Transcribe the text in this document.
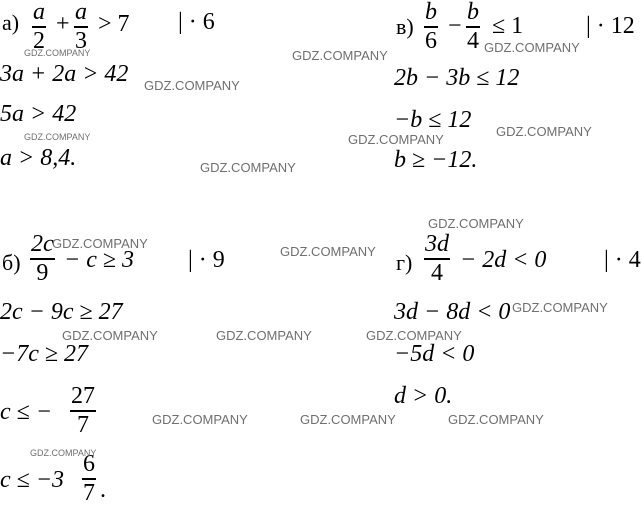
а) a
2
+ a
3
> 7 | · 6
3a + 2a > 42
5a > 42
a > 8,4.
в)
b
6
−
b
4
≤ 1	| · 12
2b − 3b ≤ 12
−b ≤ 12
b ≥ −12.
б)
2c
9 − c ≥ 3 | · 9
2c − 9c ≥ 27
−7c ≥ 27
c ≤ −
27
7
c ≤ −3
6
7 .
г)
3d
4 − 2d < 0 | · 4
3d − 8d < 0
−5d < 0
d > 0.
GDZ.COMPANY	GDZ.COMPANY
GDZ.COMPANY
GDZ.COMPANY
GDZ.COMPANY	GDZ.COMPANY
GDZ.COMPANY
GDZ.COMPANY
GDZ.COMPANY
GDZ.COMPANY
GDZ.COMPANY
GDZ.COMPANY
GDZ.COMPANY	GDZ.COMPANY	GDZ.COMPANY
GDZ.COMPANY	GDZ.COMPANY	GDZ.COMPANY
GDZ.COMPANY
